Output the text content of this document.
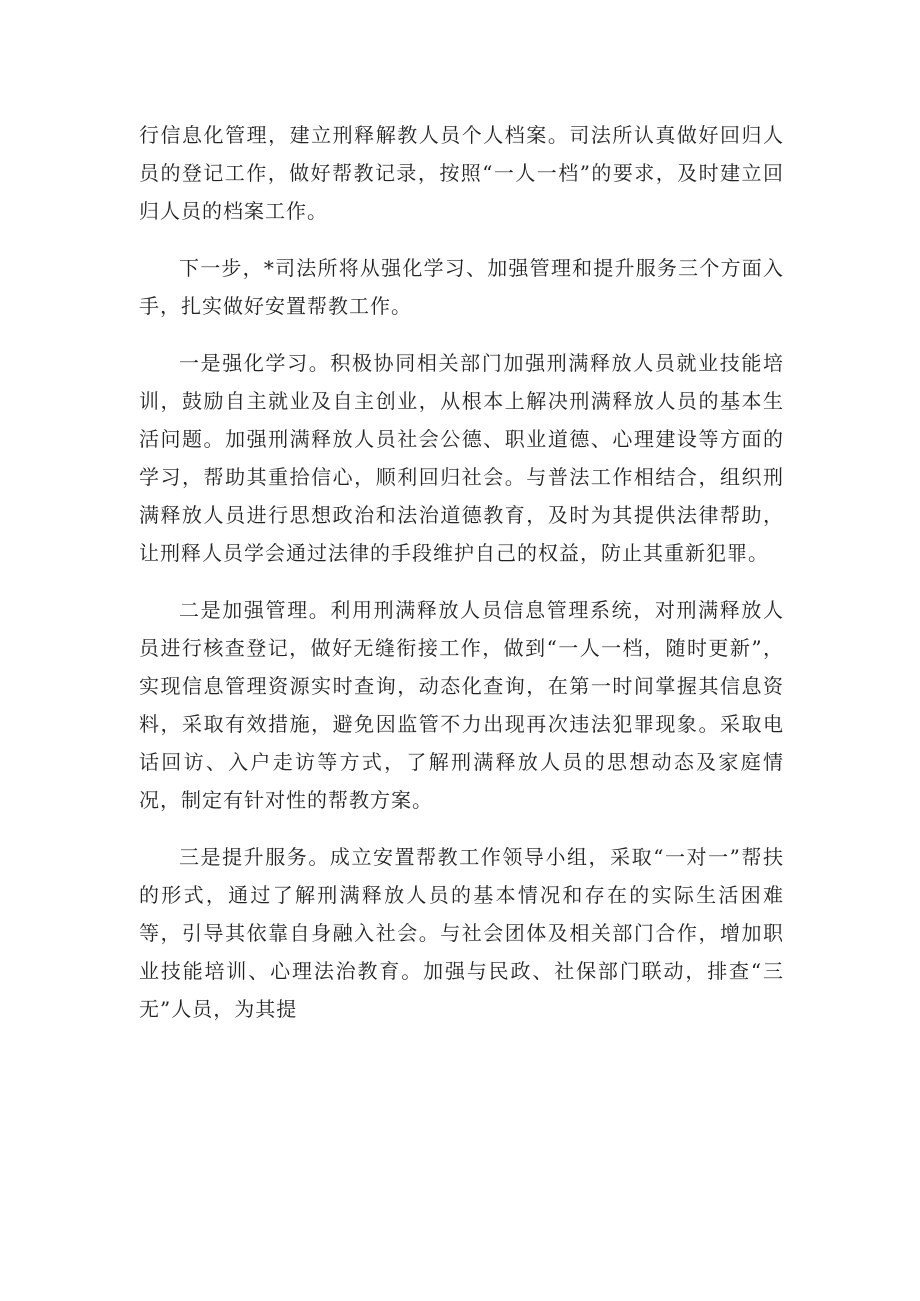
行信息化管理，建立刑释解教人员个人档案。司法所认真做好回归人员的登记工作，做好帮教记录，按照“一人一档”的要求，及时建立回归人员的档案工作。

下一步，*司法所将从强化学习、加强管理和提升服务三个方面入手，扎实做好安置帮教工作。

一是强化学习。积极协同相关部门加强刑满释放人员就业技能培训，鼓励自主就业及自主创业，从根本上解决刑满释放人员的基本生活问题。加强刑满释放人员社会公德、职业道德、心理建设等方面的学习，帮助其重拾信心，顺利回归社会。与普法工作相结合，组织刑满释放人员进行思想政治和法治道德教育，及时为其提供法律帮助，让刑释人员学会通过法律的手段维护自己的权益，防止其重新犯罪。

二是加强管理。利用刑满释放人员信息管理系统，对刑满释放人员进行核查登记，做好无缝衔接工作，做到“一人一档，随时更新”，实现信息管理资源实时查询，动态化查询，在第一时间掌握其信息资料，采取有效措施，避免因监管不力出现再次违法犯罪现象。采取电话回访、入户走访等方式，了解刑满释放人员的思想动态及家庭情况，制定有针对性的帮教方案。

三是提升服务。成立安置帮教工作领导小组，采取“一对一”帮扶的形式，通过了解刑满释放人员的基本情况和存在的实际生活困难等，引导其依靠自身融入社会。与社会团体及相关部门合作，增加职业技能培训、心理法治教育。加强与民政、社保部门联动，排查“三无”人员，为其提
